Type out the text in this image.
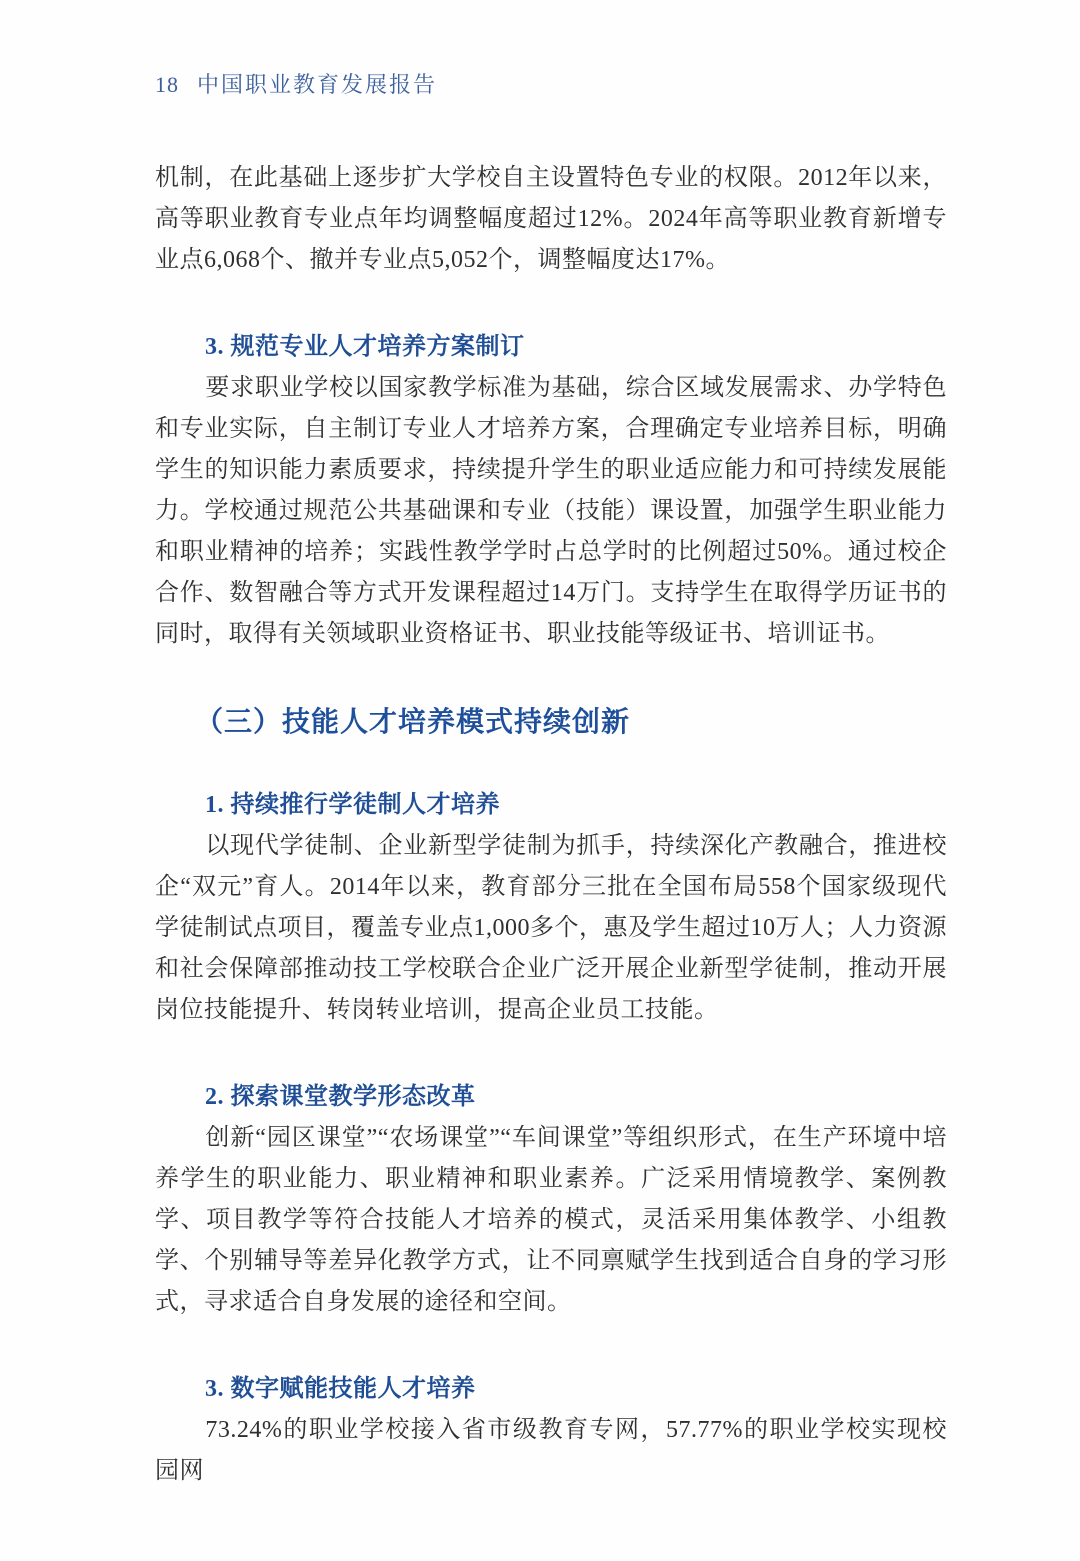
18 中国职业教育发展报告

机制，在此基础上逐步扩大学校自主设置特色专业的权限。2012年以来，高等职业教育专业点年均调整幅度超过12%。2024年高等职业教育新增专业点6,068个、撤并专业点5,052个，调整幅度达17%。

3. 规范专业人才培养方案制订

要求职业学校以国家教学标准为基础，综合区域发展需求、办学特色和专业实际，自主制订专业人才培养方案，合理确定专业培养目标，明确学生的知识能力素质要求，持续提升学生的职业适应能力和可持续发展能力。学校通过规范公共基础课和专业（技能）课设置，加强学生职业能力和职业精神的培养；实践性教学学时占总学时的比例超过50%。通过校企合作、数智融合等方式开发课程超过14万门。支持学生在取得学历证书的同时，取得有关领域职业资格证书、职业技能等级证书、培训证书。

（三）技能人才培养模式持续创新
1. 持续推行学徒制人才培养

以现代学徒制、企业新型学徒制为抓手，持续深化产教融合，推进校企“双元”育人。2014年以来，教育部分三批在全国布局558个国家级现代学徒制试点项目，覆盖专业点1,000多个，惠及学生超过10万人；人力资源和社会保障部推动技工学校联合企业广泛开展企业新型学徒制，推动开展岗位技能提升、转岗转业培训，提高企业员工技能。

2. 探索课堂教学形态改革

创新“园区课堂”“农场课堂”“车间课堂”等组织形式，在生产环境中培养学生的职业能力、职业精神和职业素养。广泛采用情境教学、案例教学、项目教学等符合技能人才培养的模式，灵活采用集体教学、小组教学、个别辅导等差异化教学方式，让不同禀赋学生找到适合自身的学习形式，寻求适合自身发展的途径和空间。

3. 数字赋能技能人才培养

73.24%的职业学校接入省市级教育专网，57.77%的职业学校实现校园网
